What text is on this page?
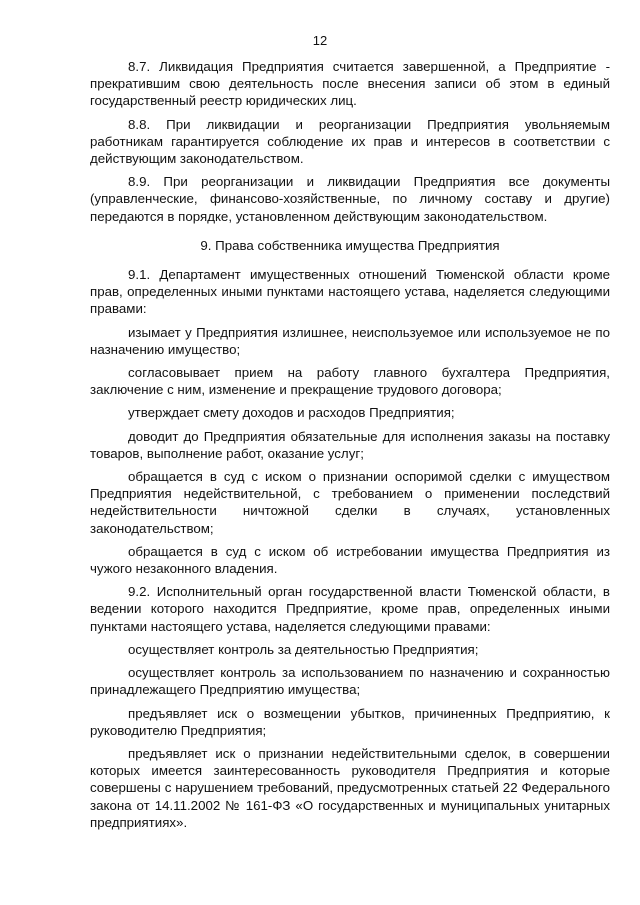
12

8.7. Ликвидация Предприятия считается завершенной, а Предприятие - прекратившим свою деятельность после внесения записи об этом в единый государственный реестр юридических лиц.

8.8. При ликвидации и реорганизации Предприятия увольняемым работникам гарантируется соблюдение их прав и интересов в соответствии с действующим законодательством.

8.9. При реорганизации и ликвидации Предприятия все документы (управленческие, финансово-хозяйственные, по личному составу и другие) передаются в порядке, установленном действующим законодательством.

9. Права собственника имущества Предприятия

9.1. Департамент имущественных отношений Тюменской области кроме прав, определенных иными пунктами настоящего устава, наделяется следующими правами:

изымает у Предприятия излишнее, неиспользуемое или используемое не по назначению имущество;

согласовывает прием на работу главного бухгалтера Предприятия, заключение с ним, изменение и прекращение трудового договора;

утверждает смету доходов и расходов Предприятия;

доводит до Предприятия обязательные для исполнения заказы на поставку товаров, выполнение работ, оказание услуг;

обращается в суд с иском о признании оспоримой сделки с имуществом Предприятия недействительной, с требованием о применении последствий недействительности ничтожной сделки в случаях, установленных законодательством;

обращается в суд с иском об истребовании имущества Предприятия из чужого незаконного владения.

9.2. Исполнительный орган государственной власти Тюменской области, в ведении которого находится Предприятие, кроме прав, определенных иными пунктами настоящего устава, наделяется следующими правами:

осуществляет контроль за деятельностью Предприятия;

осуществляет контроль за использованием по назначению и сохранностью принадлежащего Предприятию имущества;

предъявляет иск о возмещении убытков, причиненных Предприятию, к руководителю Предприятия;

предъявляет иск о признании недействительными сделок, в совершении которых имеется заинтересованность руководителя Предприятия и которые совершены с нарушением требований, предусмотренных статьей 22 Федерального закона от 14.11.2002 № 161-ФЗ «О государственных и муниципальных унитарных предприятиях».
